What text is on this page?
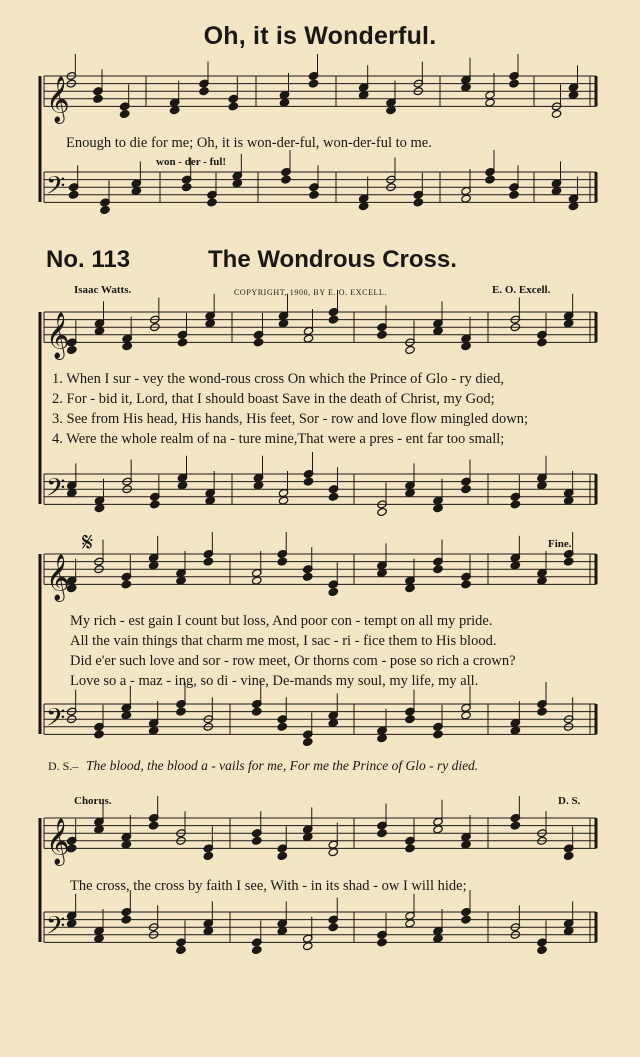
𝄞
𝄢
𝄞
𝄢
𝄞
𝄢
𝄞
𝄢
Oh, it is Wonderful.
Enough to die for me; Oh, it is won-der-ful, won-der-ful to me.
won - der - ful!
No. 113	The Wondrous Cross.
Isaac Watts.	COPYRIGHT, 1900, BY E. O. EXCELL.	E. O. Excell.
1. When I sur - vey the wond-rous cross On which the Prince of Glo - ry died,
2. For - bid it, Lord, that I should boast Save in the death of Christ, my God;
3. See from His head, His hands, His feet, Sor - row and love flow mingled down;
4. Were the whole realm of na - ture mine,That were a pres - ent far too small;
𝄋	Fine.
My rich - est gain I count but loss, And poor con - tempt on all my pride.
All the vain things that charm me most, I sac - ri - fice them to His blood.
Did e'er such love and sor - row meet, Or thorns com - pose so rich a crown?
Love so a - maz - ing, so di - vine, De-mands my soul, my life, my all.
D. S.– The blood, the blood a - vails for me, For me the Prince of Glo - ry died.
Chorus.	D. S.
The cross, the cross by faith I see, With - in its shad - ow I will hide;
